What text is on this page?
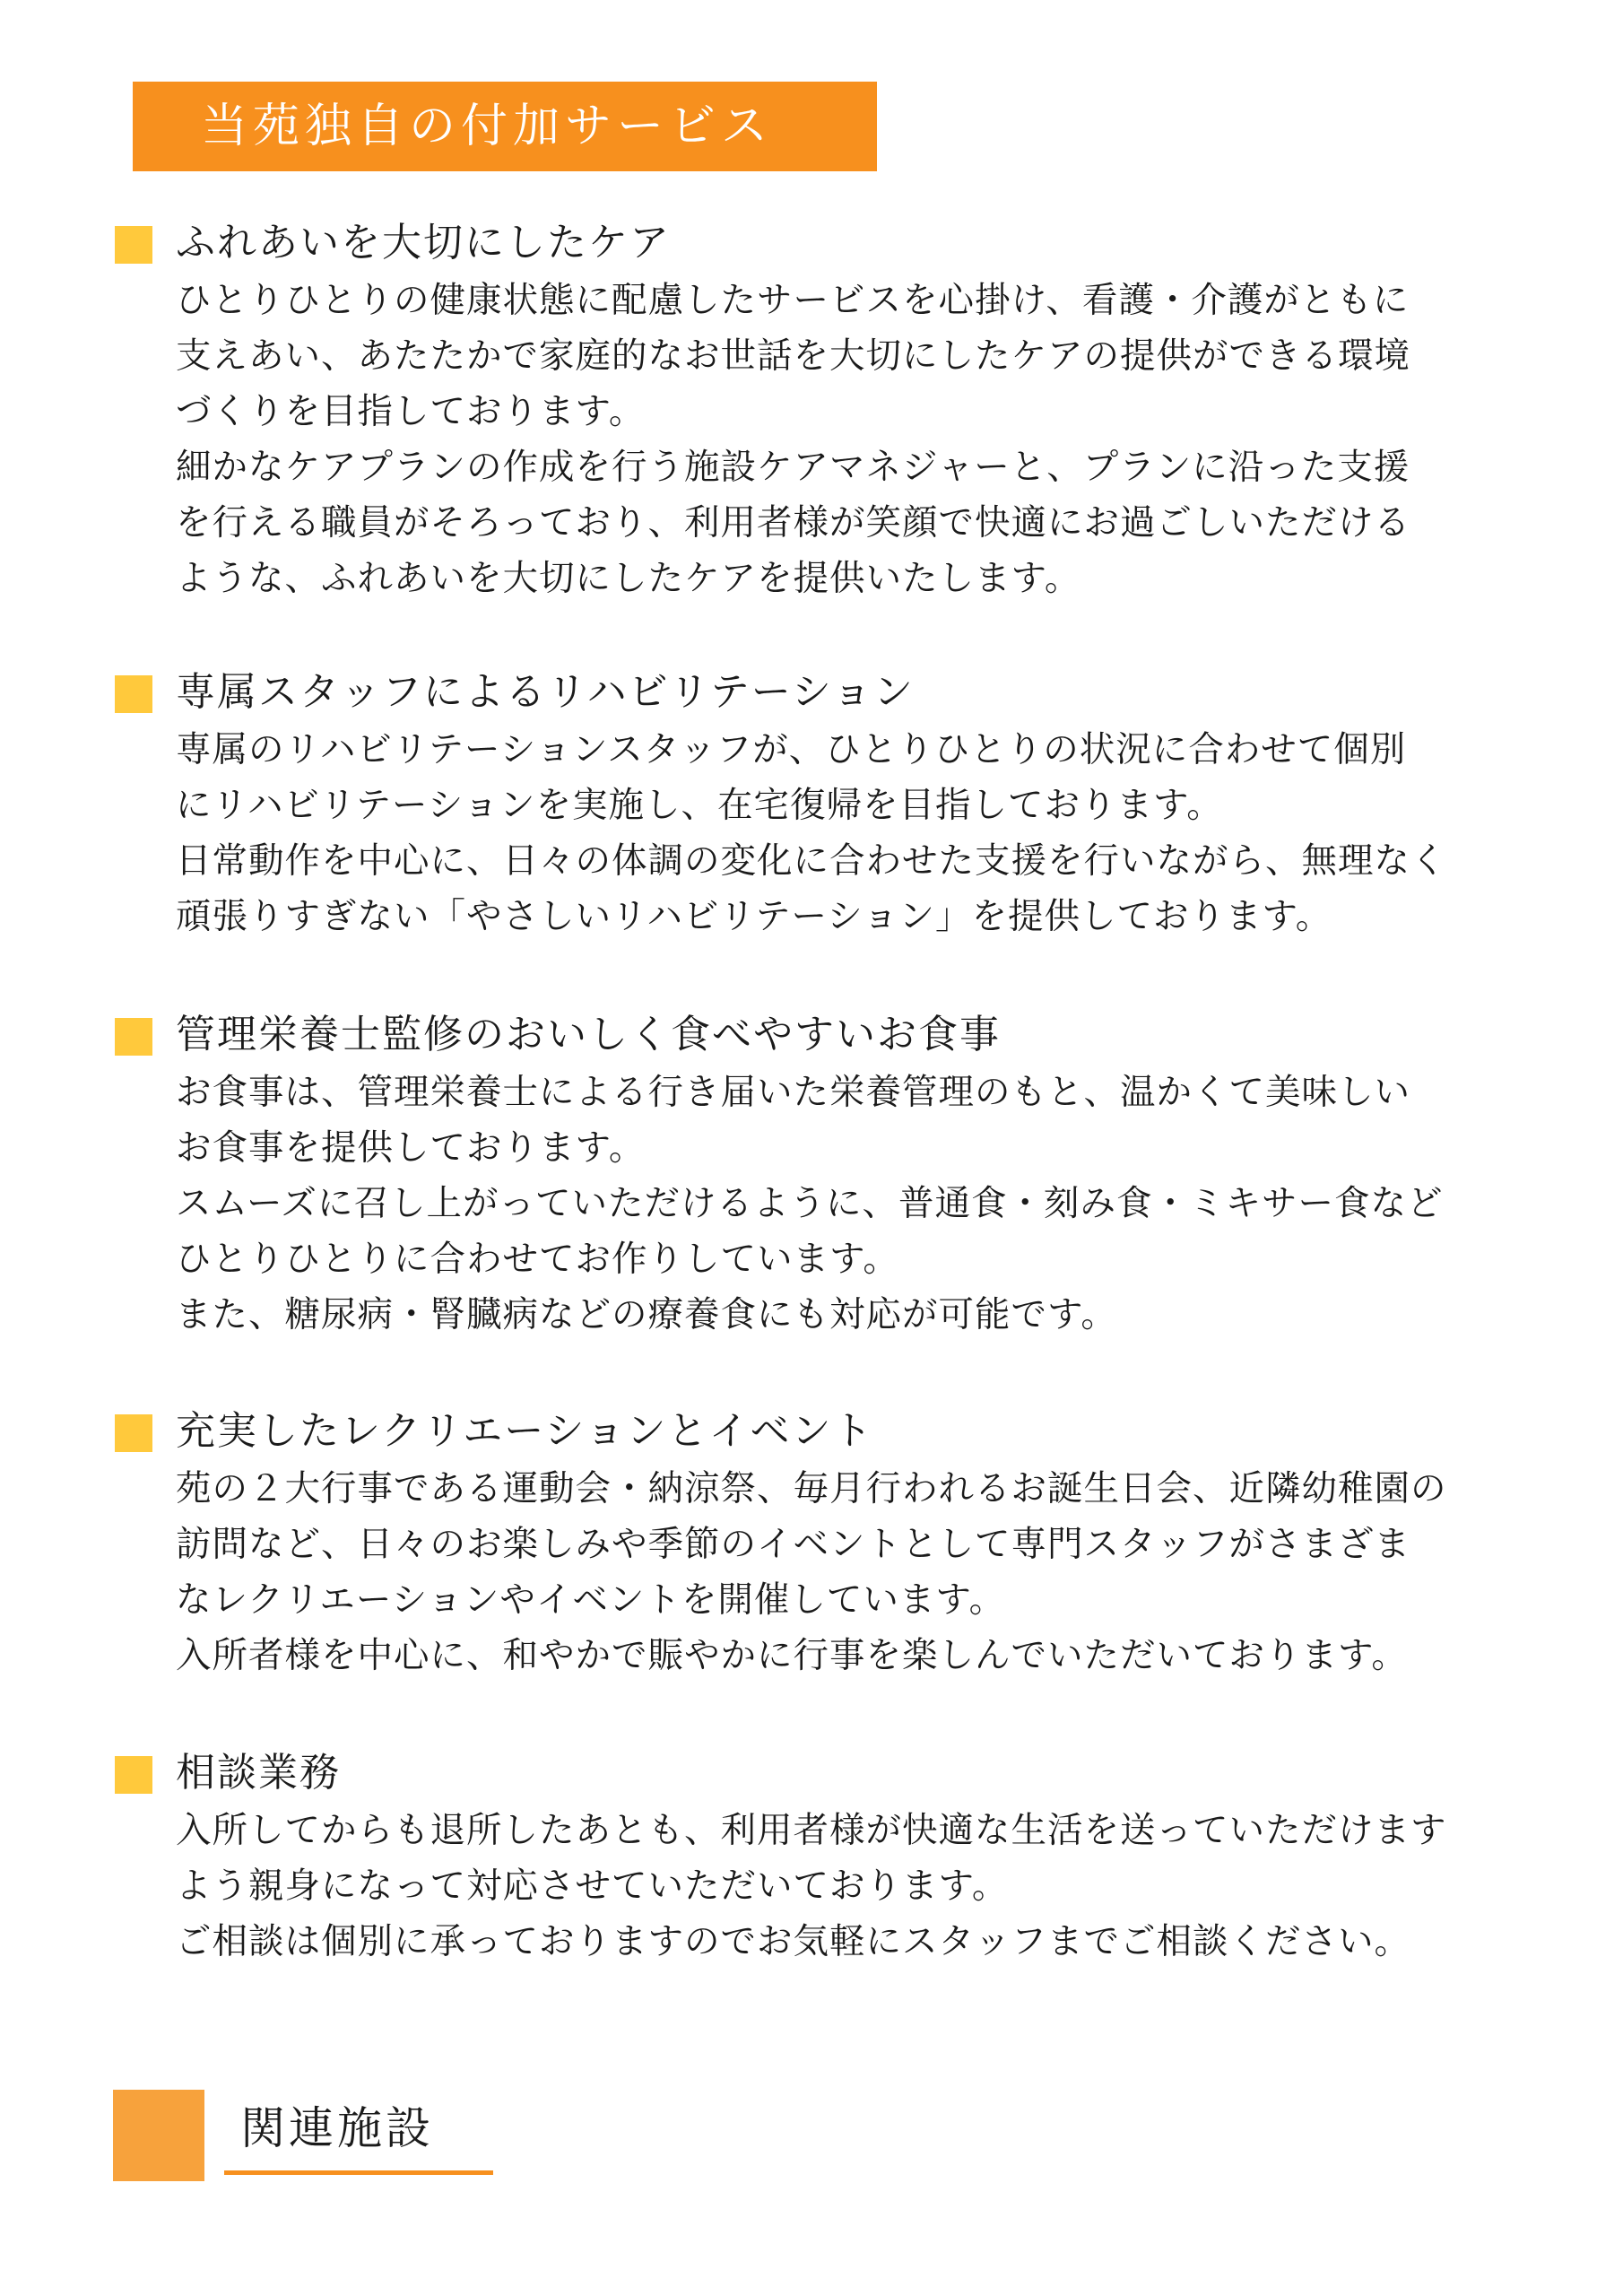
当苑独自の付加サービス
ふれあいを大切にしたケア
ひとりひとりの健康状態に配慮したサービスを心掛け、看護・介護がともに
支えあい、あたたかで家庭的なお世話を大切にしたケアの提供ができる環境
づくりを目指しております。
細かなケアプランの作成を行う施設ケアマネジャーと、プランに沿った支援
を行える職員がそろっており、利用者様が笑顔で快適にお過ごしいただける
ような、ふれあいを大切にしたケアを提供いたします。
専属スタッフによるリハビリテーション
専属のリハビリテーションスタッフが、ひとりひとりの状況に合わせて個別
にリハビリテーションを実施し、在宅復帰を目指しております。
日常動作を中心に、日々の体調の変化に合わせた支援を行いながら、無理なく
頑張りすぎない「やさしいリハビリテーション」を提供しております。
管理栄養士監修のおいしく食べやすいお食事
お食事は、管理栄養士による行き届いた栄養管理のもと、温かくて美味しい
お食事を提供しております。
スムーズに召し上がっていただけるように、普通食・刻み食・ミキサー食など
ひとりひとりに合わせてお作りしています。
また、糖尿病・腎臓病などの療養食にも対応が可能です。
充実したレクリエーションとイベント
苑の２大行事である運動会・納涼祭、毎月行われるお誕生日会、近隣幼稚園の
訪問など、日々のお楽しみや季節のイベントとして専門スタッフがさまざま
なレクリエーションやイベントを開催しています。
入所者様を中心に、和やかで賑やかに行事を楽しんでいただいております。
相談業務
入所してからも退所したあとも、利用者様が快適な生活を送っていただけます
よう親身になって対応させていただいております。
ご相談は個別に承っておりますのでお気軽にスタッフまでご相談ください。
関連施設
